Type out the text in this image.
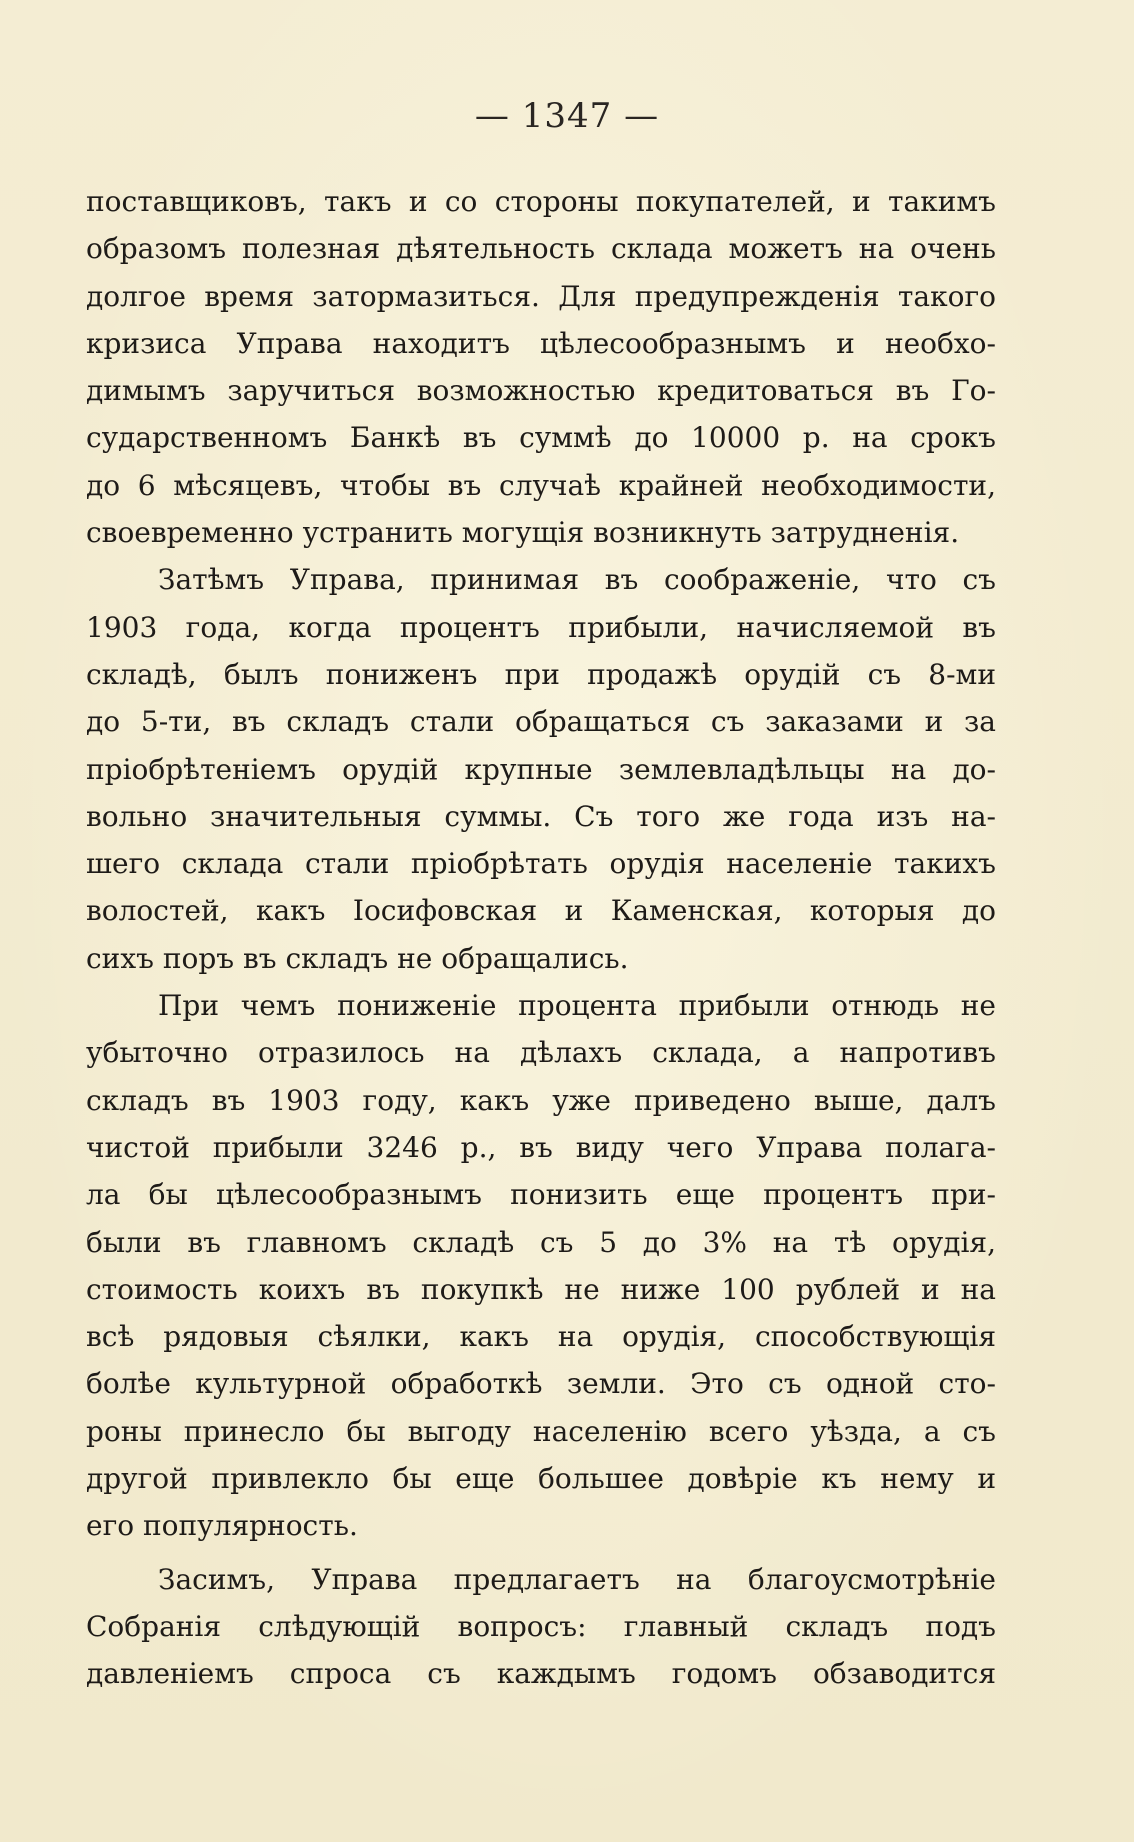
— 1347 —
поставщиковъ, такъ и со стороны покупателей, и такимъ
образомъ полезная дѣятельность склада можетъ на очень
долгое время затормазиться. Для предупрежденія такого
кризиса Управа находитъ цѣлесообразнымъ и необхо-
димымъ заручиться возможностью кредитоваться въ Го-
сударственномъ Банкѣ въ суммѣ до 10000 р. на срокъ
до 6 мѣсяцевъ, чтобы въ случаѣ крайней необходимости,
своевременно устранить могущія возникнуть затрудненія.
Затѣмъ Управа, принимая въ соображеніе, что съ
1903 года, когда процентъ прибыли, начисляемой въ
складѣ, былъ пониженъ при продажѣ орудій съ 8-ми
до 5-ти, въ складъ стали обращаться съ заказами и за
пріобрѣтеніемъ орудій крупные землевладѣльцы на до-
вольно значительныя суммы. Съ того же года изъ на-
шего склада стали пріобрѣтать орудія населеніе такихъ
волостей, какъ Іосифовская и Каменская, которыя до
сихъ поръ въ складъ не обращались.
При чемъ пониженіе процента прибыли отнюдь не
убыточно отразилось на дѣлахъ склада, а напротивъ
складъ въ 1903 году, какъ уже приведено выше, далъ
чистой прибыли 3246 р., въ виду чего Управа полага-
ла бы цѣлесообразнымъ понизить еще процентъ при-
были въ главномъ складѣ съ 5 до 3% на тѣ орудія,
стоимость коихъ въ покупкѣ не ниже 100 рублей и на
всѣ рядовыя сѣялки, какъ на орудія, способствующія
болѣе культурной обработкѣ земли. Это съ одной сто-
роны принесло бы выгоду населенію всего уѣзда, а съ
другой привлекло бы еще большее довѣріе къ нему и
его популярность.
Засимъ, Управа предлагаетъ на благоусмотрѣніе
Собранія слѣдующій вопросъ: главный складъ подъ
давленіемъ спроса съ каждымъ годомъ обзаводится
